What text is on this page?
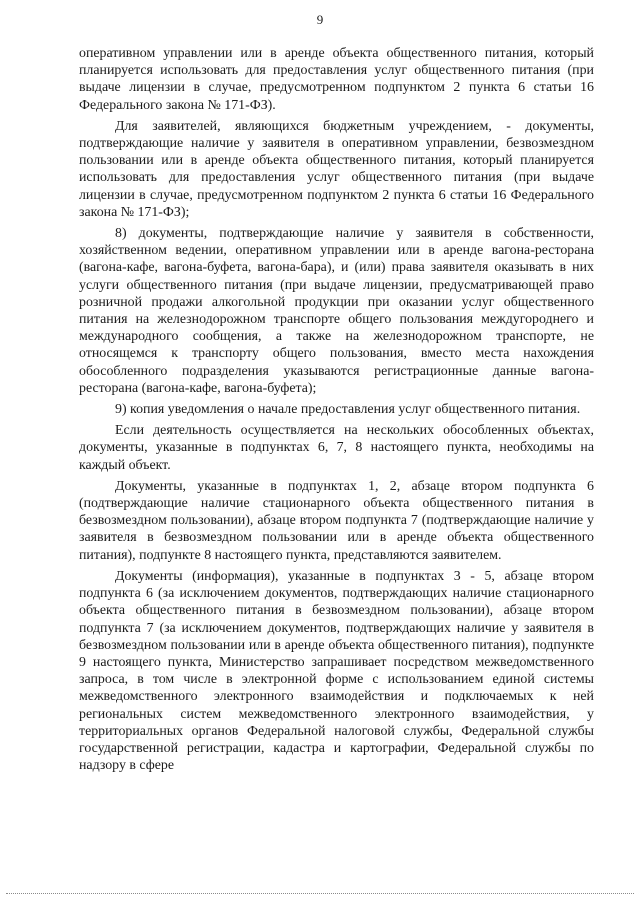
9

оперативном управлении или в аренде объекта общественного питания, который планируется использовать для предоставления услуг общественного питания (при выдаче лицензии в случае, предусмотренном подпунктом 2 пункта 6 статьи 16 Федерального закона № 171-ФЗ).

Для заявителей, являющихся бюджетным учреждением, - документы, подтверждающие наличие у заявителя в оперативном управлении, безвозмездном пользовании или в аренде объекта общественного питания, который планируется использовать для предоставления услуг общественного питания (при выдаче лицензии в случае, предусмотренном подпунктом 2 пункта 6 статьи 16 Федерального закона № 171-ФЗ);

8) документы, подтверждающие наличие у заявителя в собственности, хозяйственном ведении, оперативном управлении или в аренде вагона-ресторана (вагона-кафе, вагона-буфета, вагона-бара), и (или) права заявителя оказывать в них услуги общественного питания (при выдаче лицензии, предусматривающей право розничной продажи алкогольной продукции при оказании услуг общественного питания на железнодорожном транспорте общего пользования междугороднего и международного сообщения, а также на железнодорожном транспорте, не относящемся к транспорту общего пользования, вместо места нахождения обособленного подразделения указываются регистрационные данные вагона-ресторана (вагона-кафе, вагона-буфета);

9) копия уведомления о начале предоставления услуг общественного питания.

Если деятельность осуществляется на нескольких обособленных объектах, документы, указанные в подпунктах 6, 7, 8 настоящего пункта, необходимы на каждый объект.

Документы, указанные в подпунктах 1, 2, абзаце втором подпункта 6 (подтверждающие наличие стационарного объекта общественного питания в безвозмездном пользовании), абзаце втором подпункта 7 (подтверждающие наличие у заявителя в безвозмездном пользовании или в аренде объекта общественного питания), подпункте 8 настоящего пункта, представляются заявителем.

Документы (информация), указанные в подпунктах 3 - 5, абзаце втором подпункта 6 (за исключением документов, подтверждающих наличие стационарного объекта общественного питания в безвозмездном пользовании), абзаце втором подпункта 7 (за исключением документов, подтверждающих наличие у заявителя в безвозмездном пользовании или в аренде объекта общественного питания), подпункте 9 настоящего пункта, Министерство запрашивает посредством межведомственного запроса, в том числе в электронной форме с использованием единой системы межведомственного электронного взаимодействия и подключаемых к ней региональных систем межведомственного электронного взаимодействия, у территориальных органов Федеральной налоговой службы, Федеральной службы государственной регистрации, кадастра и картографии, Федеральной службы по надзору в сфере
